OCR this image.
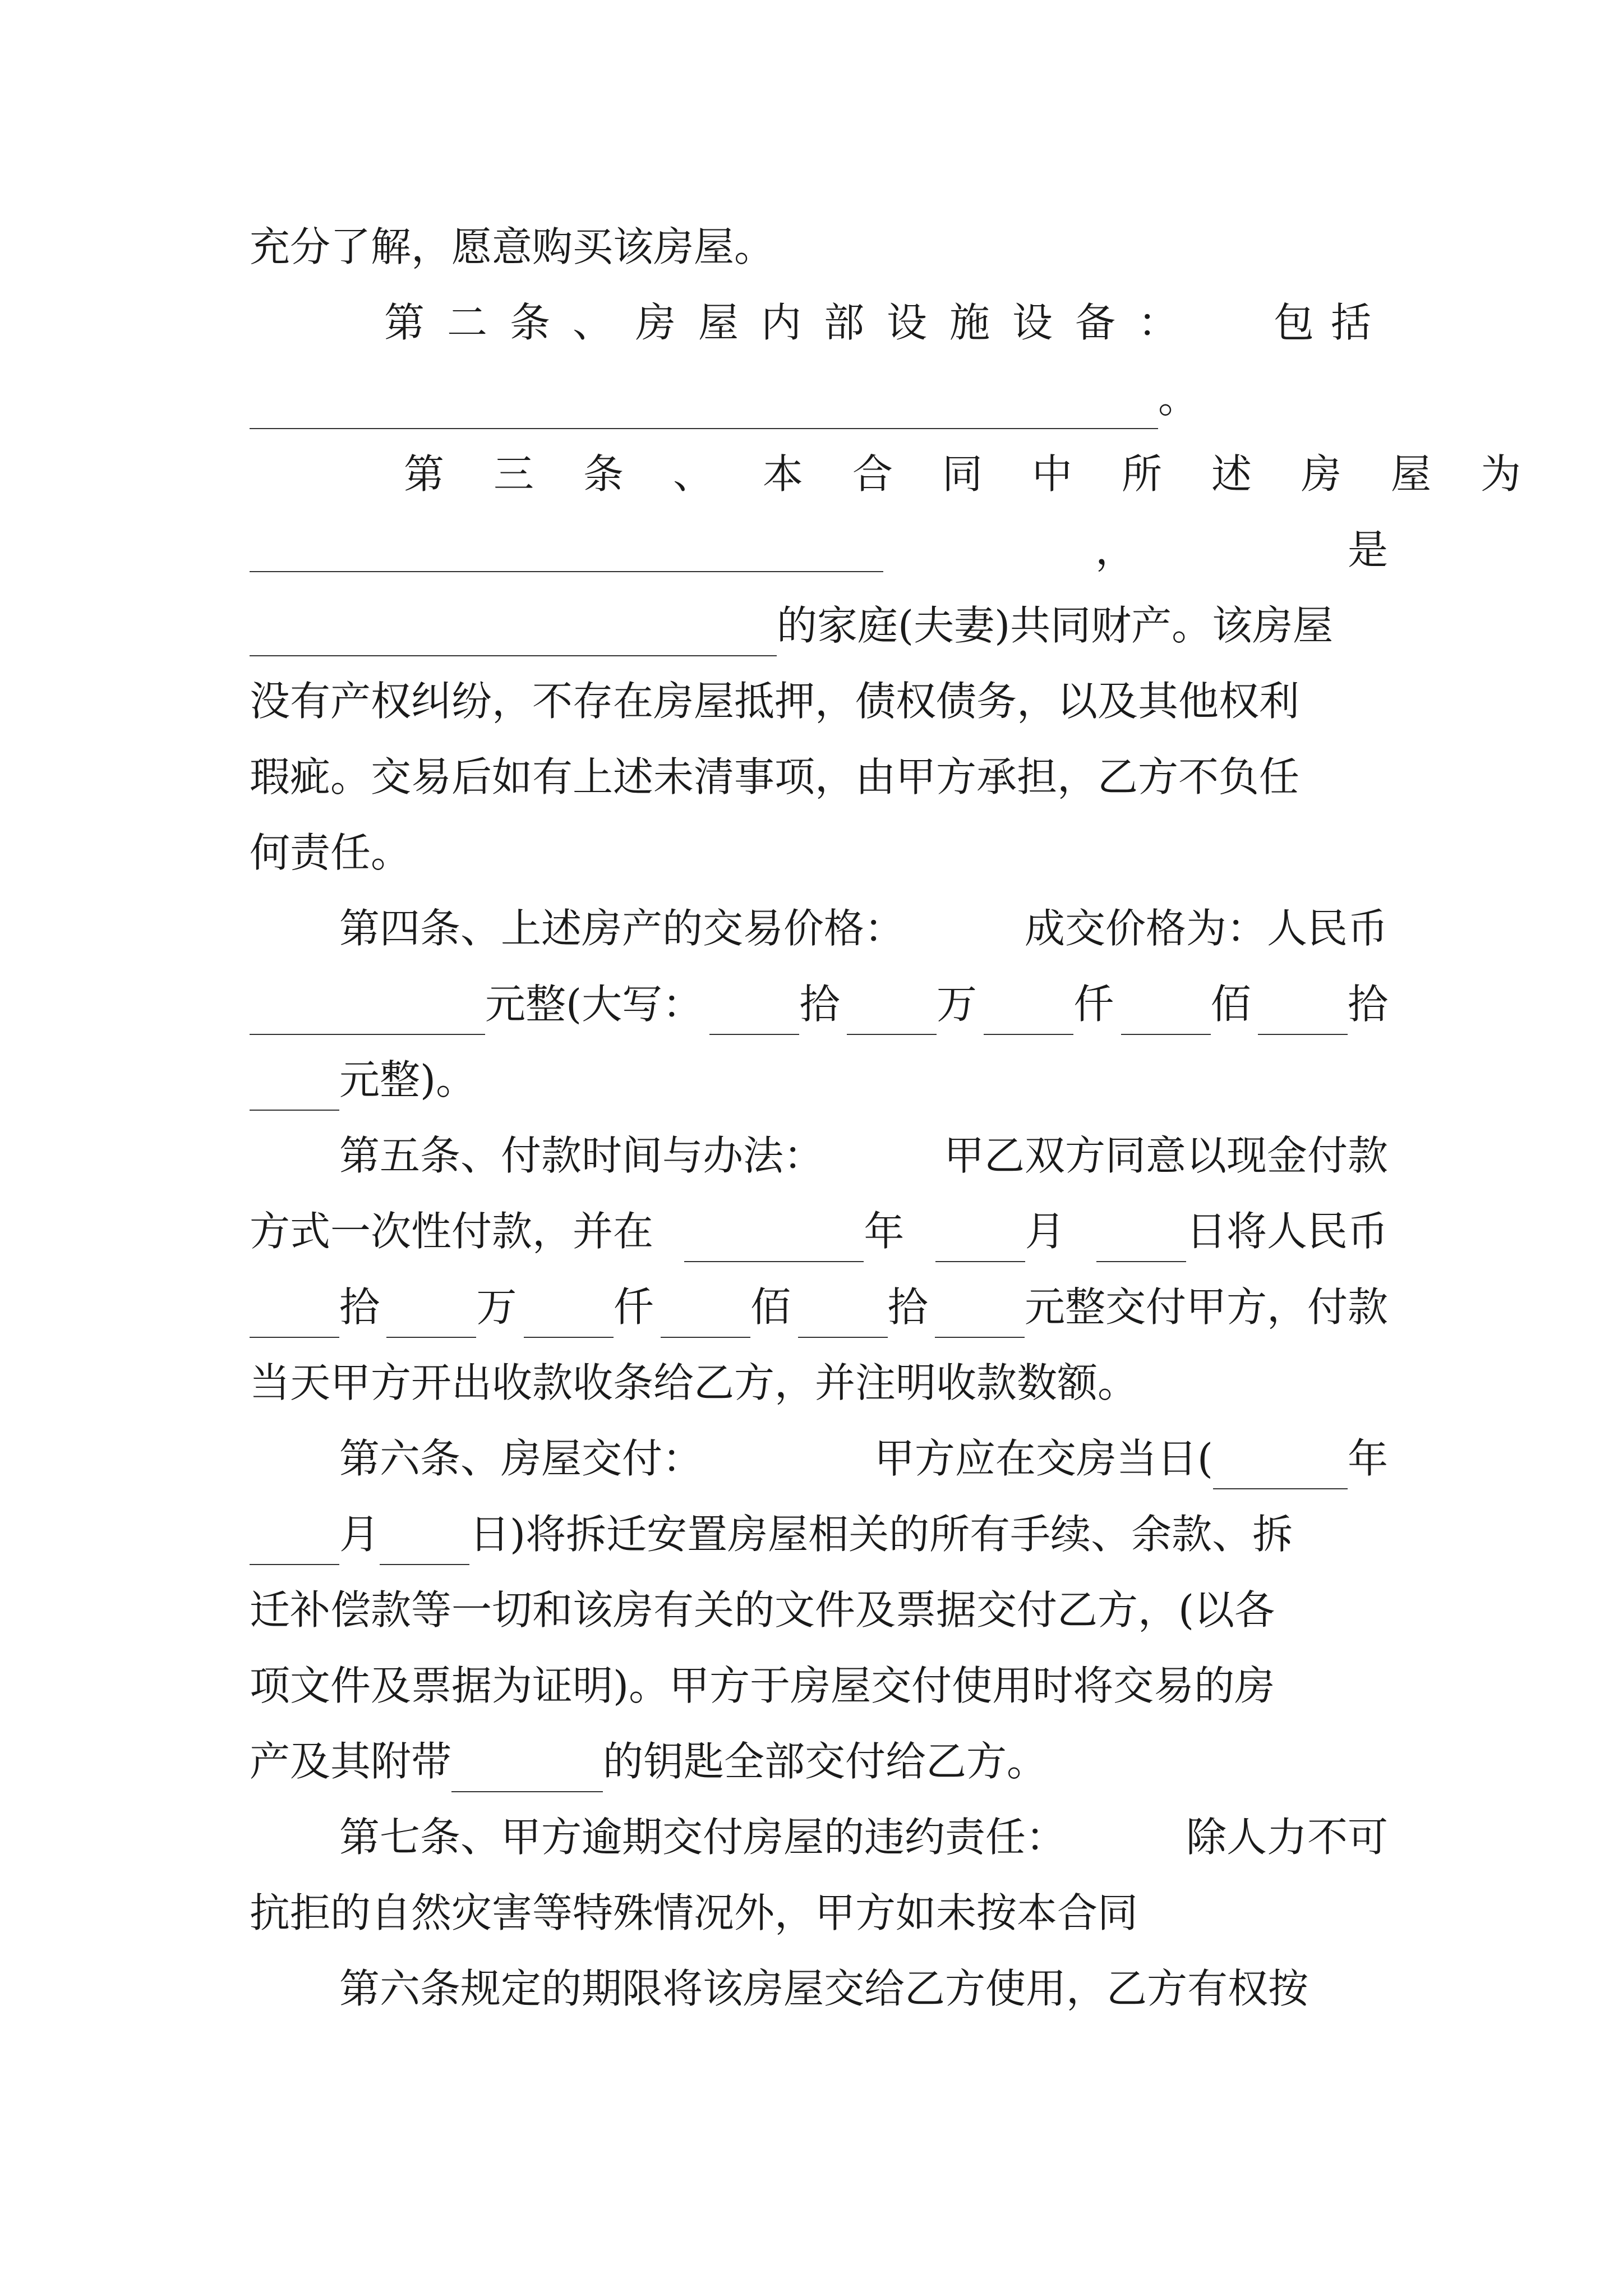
充分了解，愿意购买该房屋。
第二条、房屋内部设施设备： 包括
。
第三条、本合同中所述房屋为
，	是
的家庭(夫妻)共同财产。该房屋
没有产权纠纷，不存在房屋抵押，债权债务，以及其他权利
瑕疵。交易后如有上述未清事项，由甲方承担，乙方不负任
何责任。
第四条、上述房产的交易价格：	成交价格为：人民币
元整(大写：	拾	万	仟	佰	拾
元整)。
第五条、付款时间与办法：	甲乙双方同意以现金付款
方式一次性付款，并在	年	月	日将人民币
拾	万	仟	佰	拾	元整交付甲方，付款
当天甲方开出收款收条给乙方，并注明收款数额。
第六条、房屋交付：	甲方应在交房当日(	年
月 日)将拆迁安置房屋相关的所有手续、余款、拆
迁补偿款等一切和该房有关的文件及票据交付乙方，(以各
项文件及票据为证明)。甲方于房屋交付使用时将交易的房
产及其附带	的钥匙全部交付给乙方。
第七条、甲方逾期交付房屋的违约责任：	除人力不可
抗拒的自然灾害等特殊情况外，甲方如未按本合同
第六条规定的期限将该房屋交给乙方使用，乙方有权按
